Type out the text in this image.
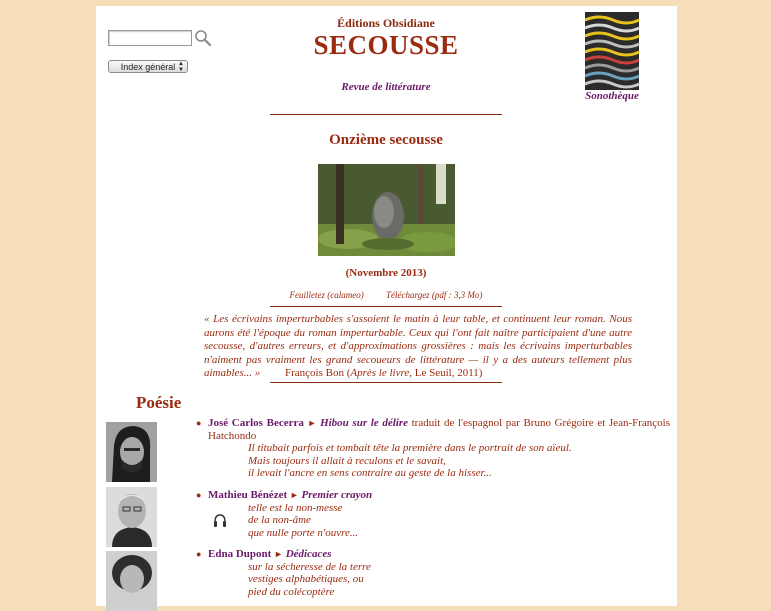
Index général ▲
▼
Éditions Obsidiane
SECOUSSE
Revue de littérature
Sonothèque
Onzième secousse
(Novembre 2013)
Feuilletez (calameo) Téléchargez (pdf : 3,3 Mo)
« Les écrivains imperturbables s'assoient le matin à leur table, et continuent leur roman. Nous aurons été l'époque du roman imperturbable. Ceux qui l'ont fait naître participaient d'une autre secousse, d'autres erreurs, et d'approximations grossières : mais les écrivains imperturbables n'aiment pas vraiment les grand secoueurs de littérature — il y a des auteurs tellement plus aimables... » François Bon (Après le livre, Le Seuil, 2011)
Poésie
● José Carlos Becerra ► Hibou sur le délire traduit de l'espagnol par Bruno Grégoire et Jean-François Hatchondo
Il titubait parfois et tombait tête la première dans le portrait de son aïeul.
Mais toujours il allait à reculons et le savait,
il levait l'ancre en sens contraire au geste de la hisser...
● Mathieu Bénézet ► Premier crayon
telle est la non-messe
de la non-âme
que nulle porte n'ouvre...
● Edna Dupont ► Dédicaces
sur la sécheresse de la terre
vestiges alphabétiques, ou
pied du colécoptère
